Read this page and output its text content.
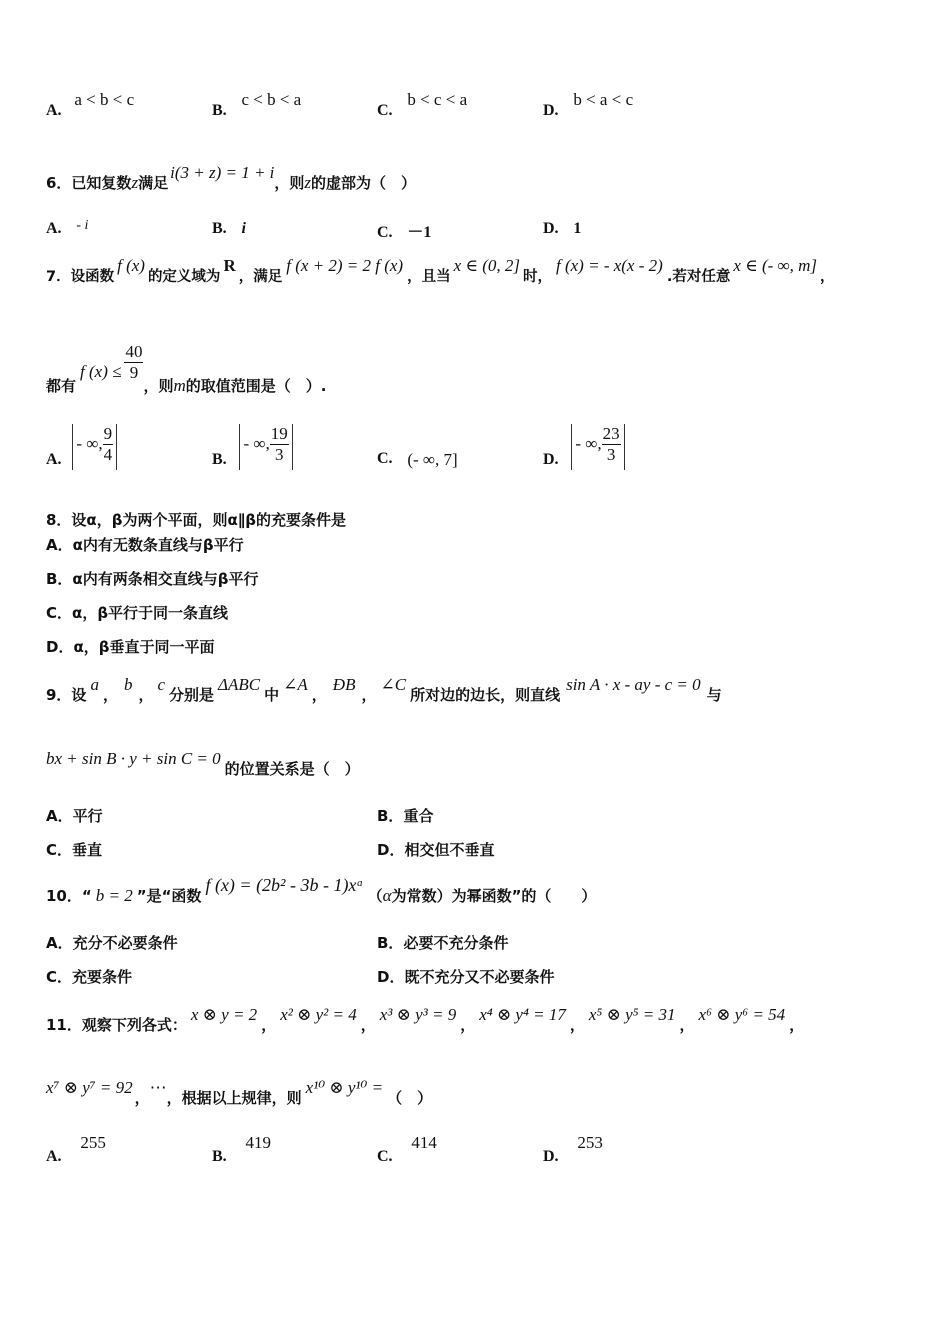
A. a < b < c
B. c < b < a
C. b < c < a
D. b < a < c
6．已知复数z满足i(3 + z) = 1 + i，则z的虚部为（　）
A. - i	B. i	C. －1	D. 1
7．设函数f (x)的定义域为R，满足f (x + 2) = 2 f (x)，且当x ∈ (0, 2]时，f (x) = - x(x - 2).若对任意x ∈ (- ∞, m]，
都有f $(x) \le \frac{40}{9}$
，则m的取值范围是（　）.
A. - ∞, $\frac{9}{4}$	B. - ∞, $\frac{19}{3}$	C. (- ∞, 7]	D. - ∞, $\frac{23}{3}$
8．设α，β为两个平面，则α∥β的充要条件是
A．α内有无数条直线与β平行
B．α内有两条相交直线与β平行
C．α，β平行于同一条直线
D．α，β垂直于同一平面
9．设a，b，c分别是ΔABC中∠A，ÐB，∠C所对边的边长，则直线sin A · x - ay - c = 0与
bx + sin B · y + sin C = 0的位置关系是（　）
A．平行	B．重合
C．垂直	D．相交但不垂直
10．“ b = 2 ”是“函数f (x) = (2b² - 3b - 1)xᵅ（α为常数）为幂函数”的（　　）
A．充分不必要条件	B．必要不充分条件
C．充要条件	D．既不充分又不必要条件
11．观察下列各式：x ⊗ y = 2，x² ⊗ y² = 4，x³ ⊗ y³ = 9，x⁴ ⊗ y⁴ = 17，x⁵ ⊗ y⁵ = 31，x⁶ ⊗ y⁶ = 54，
x⁷ ⊗ y⁷ = 92，⋯，根据以上规律，则x¹⁰ ⊗ y¹⁰ =（　）
A. 255
B. 419
C. 414
D. 253
